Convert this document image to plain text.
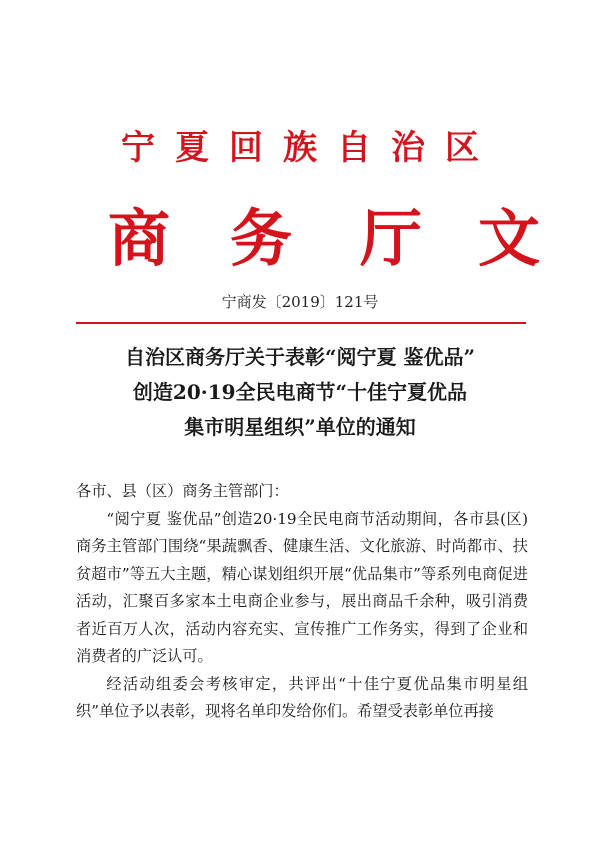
宁夏回族自治区
商 务 厅 文
宁商发〔2019〕121号
自治区商务厅关于表彰“阅宁夏 鉴优品”
创造20·19全民电商节“十佳宁夏优品
集市明星组织”单位的通知

各市、县（区）商务主管部门：

“阅宁夏 鉴优品”创造20·19全民电商节活动期间，各市县(区)商务主管部门围绕“果蔬飘香、健康生活、文化旅游、时尚都市、扶贫超市”等五大主题，精心谋划组织开展“优品集市”等系列电商促进活动，汇聚百多家本土电商企业参与，展出商品千余种，吸引消费者近百万人次，活动内容充实、宣传推广工作务实，得到了企业和消费者的广泛认可。

经活动组委会考核审定，共评出“十佳宁夏优品集市明星组织”单位予以表彰，现将名单印发给你们。希望受表彰单位再接
